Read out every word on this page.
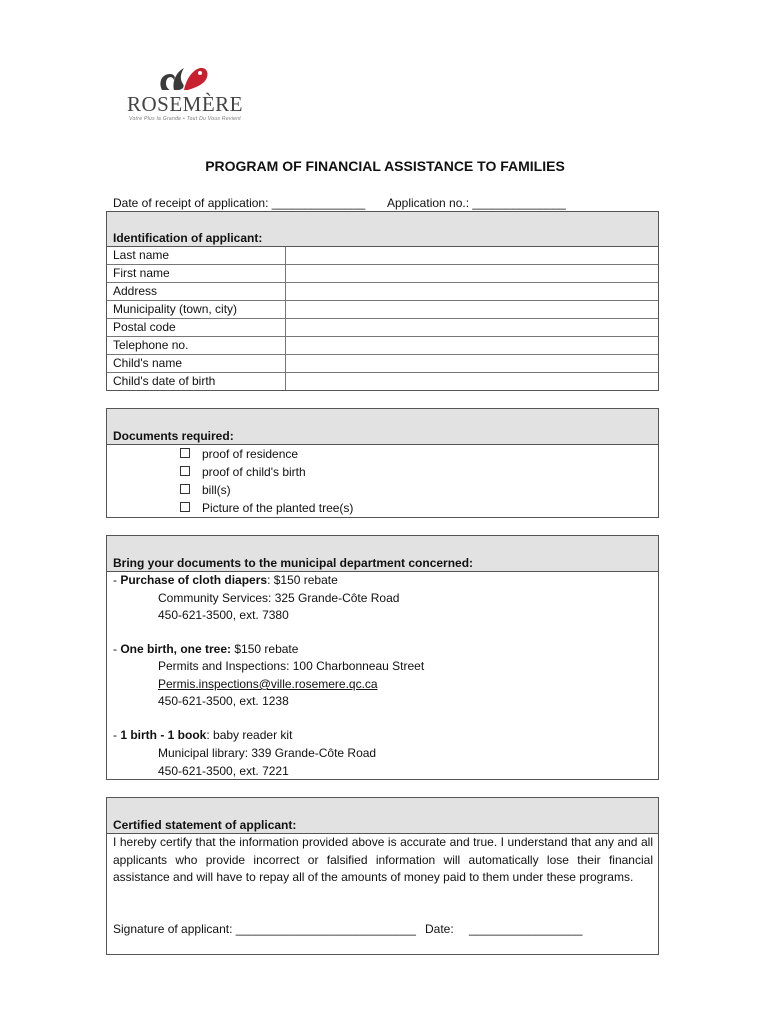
ROSEMÈRE
Votre Plus la Grande • Tout Du Vous Revient
PROGRAM OF FINANCIAL ASSISTANCE TO FAMILIES
Date of receipt of application: ______________ Application no.: ______________
Identification of applicant:
Last name	
First name	
Address	
Municipality (town, city)	
Postal code	
Telephone no.	
Child's name	
Child's date of birth	
Documents required:
proof of residence
proof of child's birth
bill(s)
Picture of the planted tree(s)
Bring your documents to the municipal department concerned:
- Purchase of cloth diapers: $150 rebate
Community Services: 325 Grande-Côte Road
450-621-3500, ext. 7380
- One birth, one tree: $150 rebate
Permits and Inspections: 100 Charbonneau Street
Permis.inspections@ville.rosemere.qc.ca
450-621-3500, ext. 1238
- 1 birth - 1 book: baby reader kit
Municipal library: 339 Grande-Côte Road
450-621-3500, ext. 7221
Certified statement of applicant:
I hereby certify that the information provided above is accurate and true. I understand that any and all applicants who provide incorrect or falsified information will automatically lose their financial assistance and will have to repay all of the amounts of money paid to them under these programs.
Signature of applicant: ___________________________ Date: _________________
